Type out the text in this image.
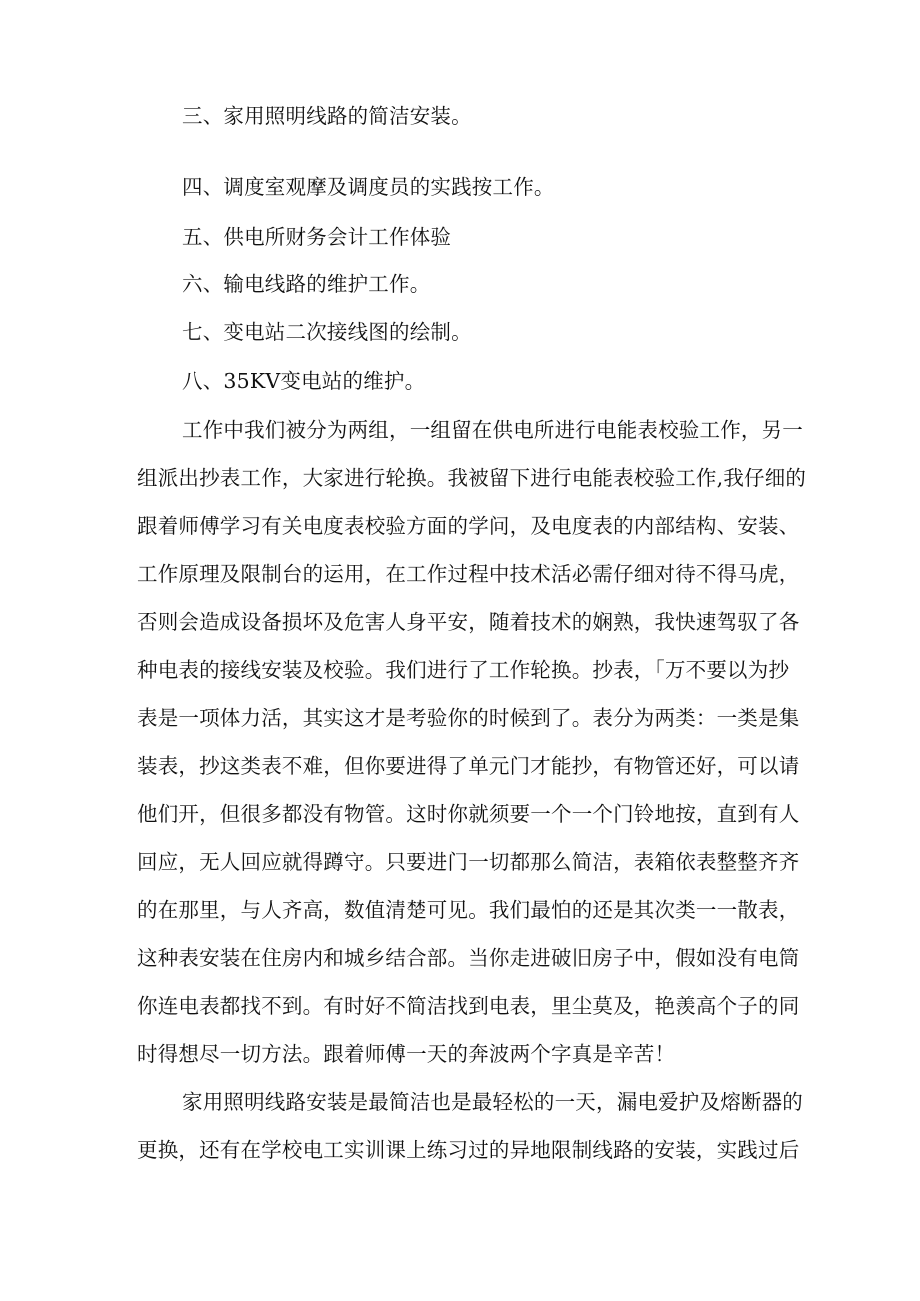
三、家用照明线路的简洁安装。
四、调度室观摩及调度员的实践按工作。
五、供电所财务会计工作体验
六、输电线路的维护工作。
七、变电站二次接线图的绘制。
八、35KV变电站的维护。
工作中我们被分为两组，一组留在供电所进行电能表校验工作，另一
组派出抄表工作，大家进行轮换。我被留下进行电能表校验工作,我仔细的
跟着师傅学习有关电度表校验方面的学问，及电度表的内部结构、安装、
工作原理及限制台的运用，在工作过程中技术活必需仔细对待不得马虎，
否则会造成设备损坏及危害人身平安，随着技术的娴熟，我快速驾驭了各
种电表的接线安装及校验。我们进行了工作轮换。抄表，「万不要以为抄
表是一项体力活，其实这才是考验你的时候到了。表分为两类：一类是集
装表，抄这类表不难，但你要进得了单元门才能抄，有物管还好，可以请
他们开，但很多都没有物管。这时你就须要一个一个门铃地按，直到有人
回应，无人回应就得蹲守。只要进门一切都那么简洁，表箱依表整整齐齐
的在那里，与人齐高，数值清楚可见。我们最怕的还是其次类一一散表，
这种表安装在住房内和城乡结合部。当你走进破旧房子中，假如没有电筒
你连电表都找不到。有时好不简洁找到电表，里尘莫及，艳羡高个子的同
时得想尽一切方法。跟着师傅一天的奔波两个字真是辛苦！
家用照明线路安装是最简洁也是最轻松的一天，漏电爱护及熔断器的
更换，还有在学校电工实训课上练习过的异地限制线路的安装，实践过后
